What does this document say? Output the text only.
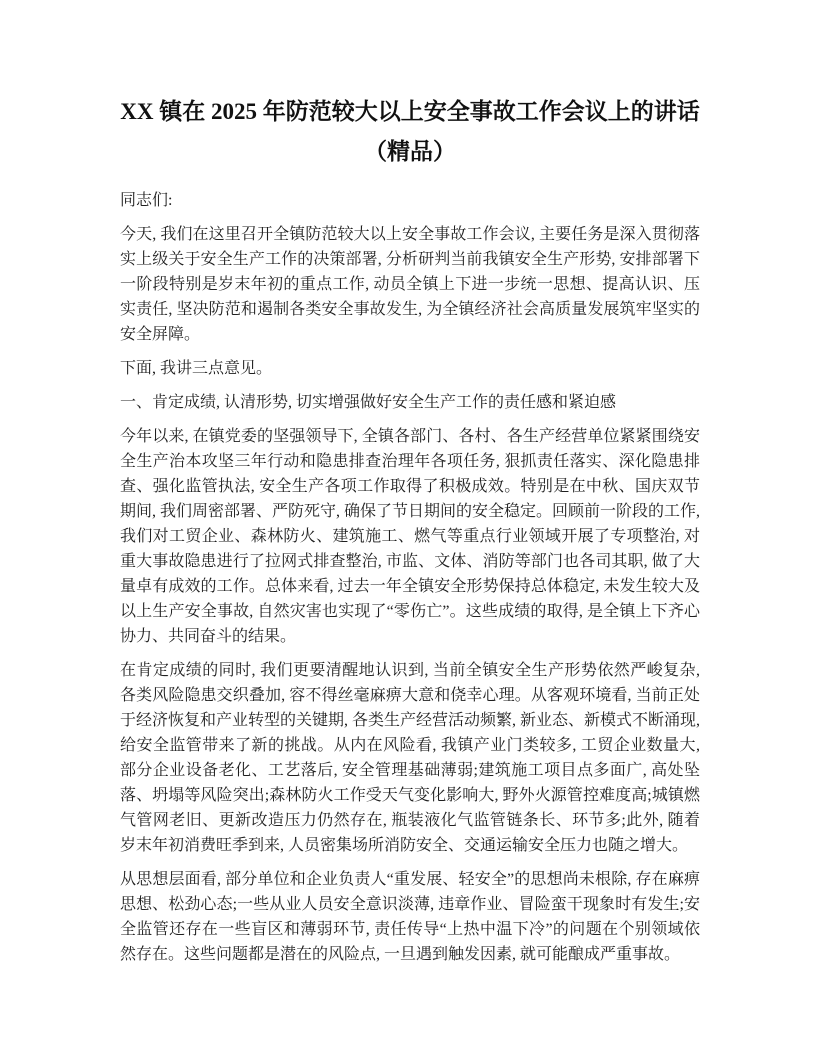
XX 镇在 2025 年防范较大以上安全事故工作会议上的讲话（精品）

同志们:

今天, 我们在这里召开全镇防范较大以上安全事故工作会议, 主要任务是深入贯彻落实上级关于安全生产工作的决策部署, 分析研判当前我镇安全生产形势, 安排部署下一阶段特别是岁末年初的重点工作, 动员全镇上下进一步统一思想、提高认识、压实责任, 坚决防范和遏制各类安全事故发生, 为全镇经济社会高质量发展筑牢坚实的安全屏障。

下面, 我讲三点意见。

一、肯定成绩, 认清形势, 切实增强做好安全生产工作的责任感和紧迫感

今年以来, 在镇党委的坚强领导下, 全镇各部门、各村、各生产经营单位紧紧围绕安全生产治本攻坚三年行动和隐患排查治理年各项任务, 狠抓责任落实、深化隐患排查、强化监管执法, 安全生产各项工作取得了积极成效。特别是在中秋、国庆双节期间, 我们周密部署、严防死守, 确保了节日期间的安全稳定。回顾前一阶段的工作, 我们对工贸企业、森林防火、建筑施工、燃气等重点行业领域开展了专项整治, 对重大事故隐患进行了拉网式排查整治, 市监、文体、消防等部门也各司其职, 做了大量卓有成效的工作。总体来看, 过去一年全镇安全形势保持总体稳定, 未发生较大及以上生产安全事故, 自然灾害也实现了“零伤亡”。这些成绩的取得, 是全镇上下齐心协力、共同奋斗的结果。

在肯定成绩的同时, 我们更要清醒地认识到, 当前全镇安全生产形势依然严峻复杂, 各类风险隐患交织叠加, 容不得丝毫麻痹大意和侥幸心理。从客观环境看, 当前正处于经济恢复和产业转型的关键期, 各类生产经营活动频繁, 新业态、新模式不断涌现, 给安全监管带来了新的挑战。从内在风险看, 我镇产业门类较多, 工贸企业数量大, 部分企业设备老化、工艺落后, 安全管理基础薄弱;建筑施工项目点多面广, 高处坠落、坍塌等风险突出;森林防火工作受天气变化影响大, 野外火源管控难度高;城镇燃气管网老旧、更新改造压力仍然存在, 瓶装液化气监管链条长、环节多;此外, 随着岁末年初消费旺季到来, 人员密集场所消防安全、交通运输安全压力也随之增大。

从思想层面看, 部分单位和企业负责人“重发展、轻安全”的思想尚未根除, 存在麻痹思想、松劲心态;一些从业人员安全意识淡薄, 违章作业、冒险蛮干现象时有发生;安全监管还存在一些盲区和薄弱环节, 责任传导“上热中温下冷”的问题在个别领域依然存在。这些问题都是潜在的风险点, 一旦遇到触发因素, 就可能酿成严重事故。
